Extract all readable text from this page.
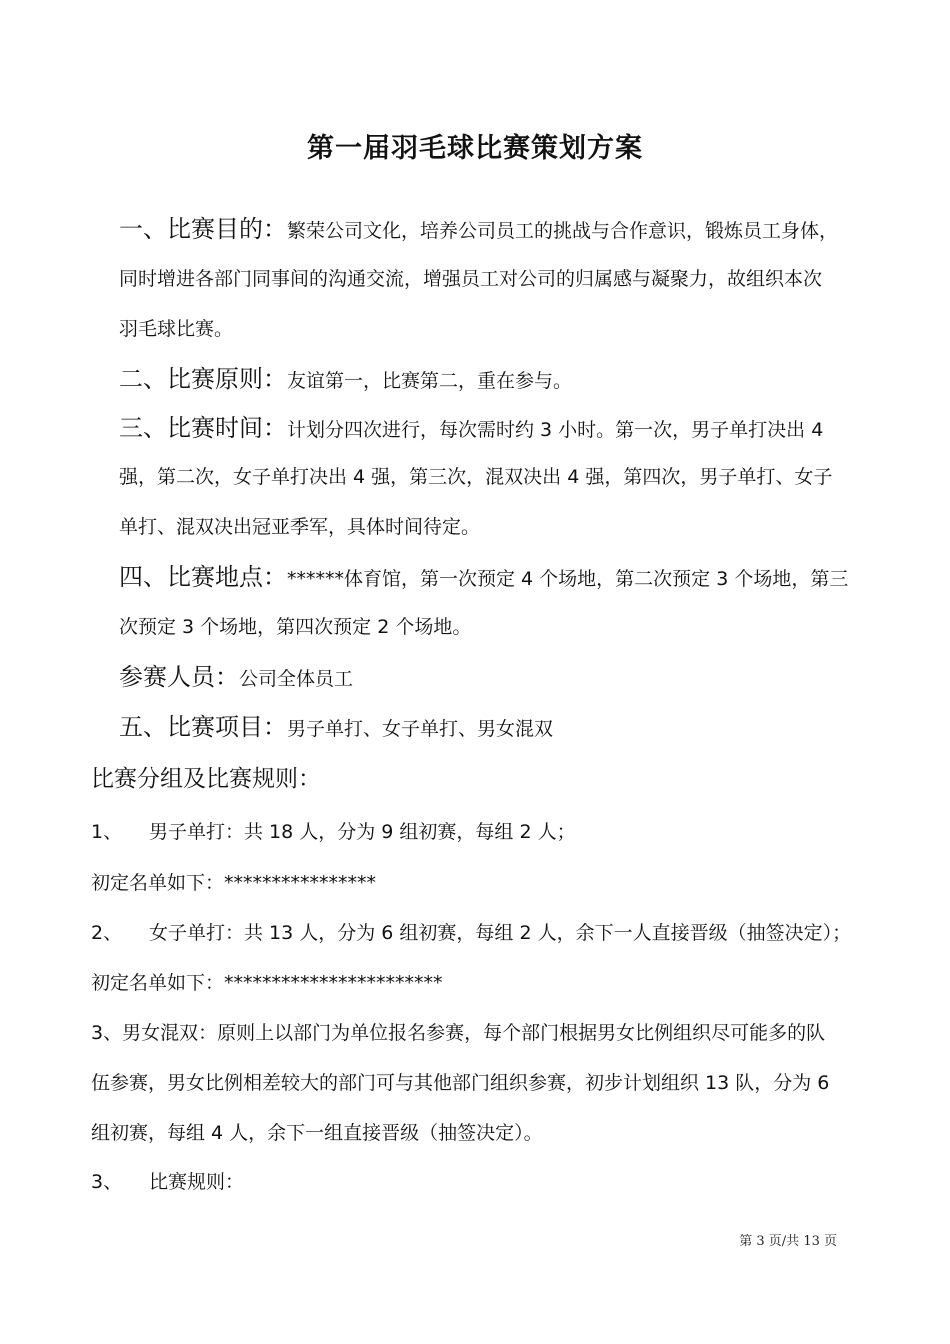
第一届羽毛球比赛策划方案
一、比赛目的：繁荣公司文化，培养公司员工的挑战与合作意识，锻炼员工身体，
同时增进各部门同事间的沟通交流，增强员工对公司的归属感与凝聚力，故组织本次
羽毛球比赛。
二、比赛原则：友谊第一，比赛第二，重在参与。
三、比赛时间：计划分四次进行，每次需时约 3 小时。第一次，男子单打决出 4
强，第二次，女子单打决出 4 强，第三次，混双决出 4 强，第四次，男子单打、女子
单打、混双决出冠亚季军，具体时间待定。
四、比赛地点：******体育馆，第一次预定 4 个场地，第二次预定 3 个场地，第三
次预定 3 个场地，第四次预定 2 个场地。
参赛人员：公司全体员工
五、比赛项目：男子单打、女子单打、男女混双
比赛分组及比赛规则：
1、 男子单打：共 18 人，分为 9 组初赛，每组 2 人；
初定名单如下：****************
2、 女子单打：共 13 人，分为 6 组初赛，每组 2 人，余下一人直接晋级（抽签决定）；
初定名单如下：***********************
3、男女混双：原则上以部门为单位报名参赛，每个部门根据男女比例组织尽可能多的队
伍参赛，男女比例相差较大的部门可与其他部门组织参赛，初步计划组织 13 队，分为 6
组初赛，每组 4 人，余下一组直接晋级（抽签决定）。
3、 比赛规则：
第 3 页/共 13 页
